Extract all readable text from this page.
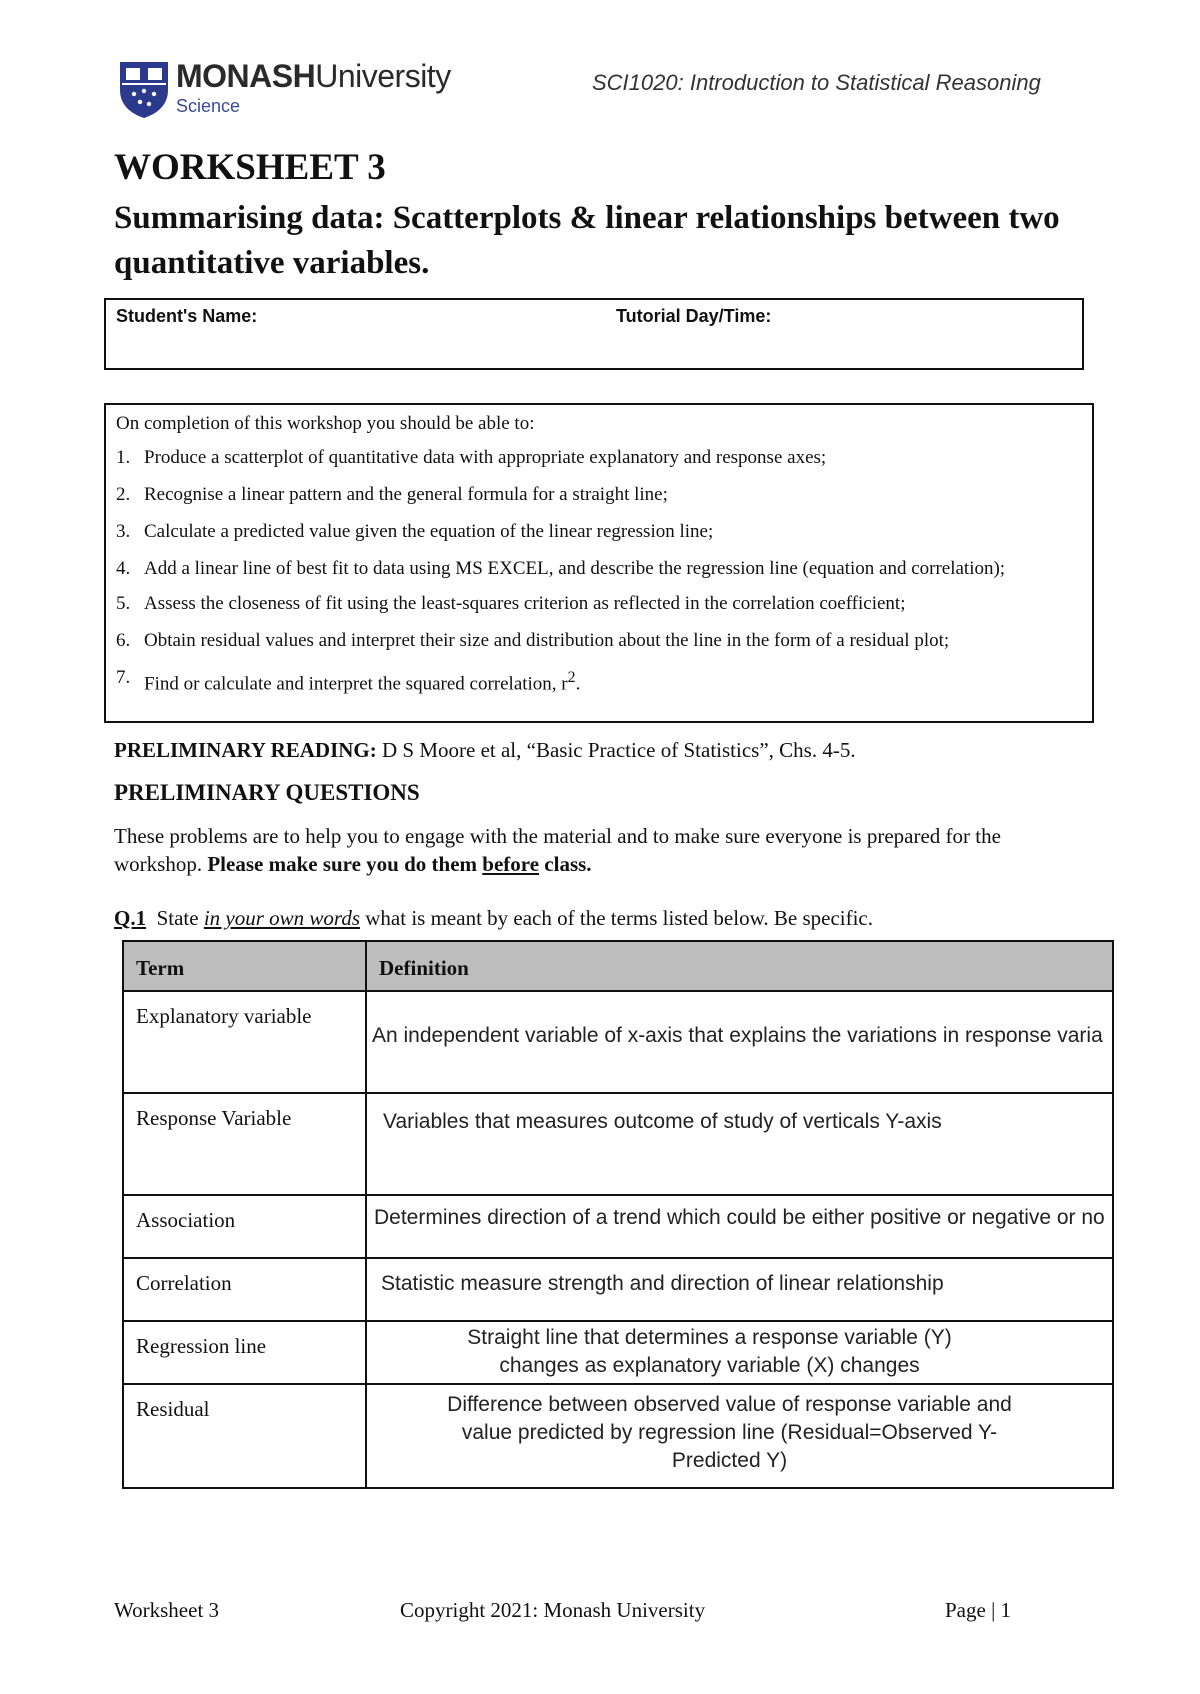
MONASHUniversity
Science
SCI1020: Introduction to Statistical Reasoning
WORKSHEET 3
Summarising data: Scatterplots & linear relationships between two quantitative variables.
Student's Name:	Tutorial Day/Time:
On completion of this workshop you should be able to:
1. Produce a scatterplot of quantitative data with appropriate explanatory and response axes;
2. Recognise a linear pattern and the general formula for a straight line;
3. Calculate a predicted value given the equation of the linear regression line;
4. Add a linear line of best fit to data using MS EXCEL, and describe the regression line (equation and correlation);
5. Assess the closeness of fit using the least-squares criterion as reflected in the correlation coefficient;
6. Obtain residual values and interpret their size and distribution about the line in the form of a residual plot;
7. Find or calculate and interpret the squared correlation, $r^2$.
PRELIMINARY READING: D S Moore et al, “Basic Practice of Statistics”, Chs. 4-5.
PRELIMINARY QUESTIONS
These problems are to help you to engage with the material and to make sure everyone is prepared for the workshop. Please make sure you do them before class.
Q.1  State in your own words what is meant by each of the terms listed below. Be specific.
Term	Definition
Explanatory variable	An independent variable of x-axis that explains the variations in response varia

Response Variable	Variables that measures outcome of study of verticals Y-axis

Association	Determines direction of a trend which could be either positive or negative or no

Correlation	Statistic measure strength and direction of linear relationship

Regression line	Straight line that determines a response variable (Y)
changes as explanatory variable (X) changes

Residual	Difference between observed value of response variable and
value predicted by regression line (Residual=Observed Y-
Predicted Y)
Worksheet 3	Copyright 2021: Monash University	Page | 1
